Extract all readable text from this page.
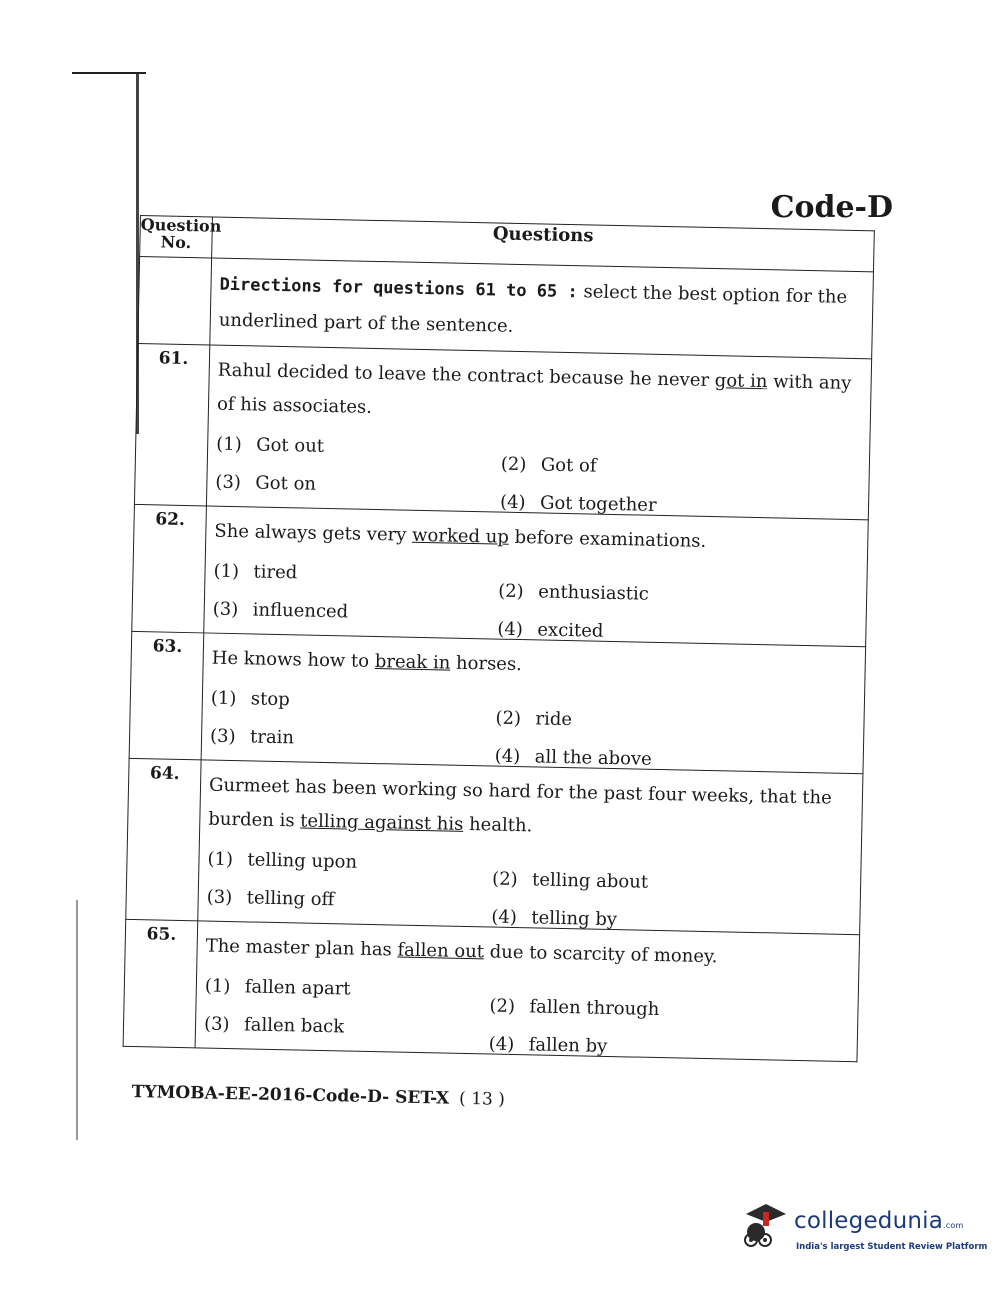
Code-D
Question
No.	Questions
	Directions for questions 61 to 65 : select the best option for the underlined part of the sentence.
61.	Rahul decided to leave the contract because he never got in with any of his associates.
(1) Got out
(2) Got of
(3) Got on
(4) Got together

62.	She always gets very worked up before examinations.
(1) tired
(2) enthusiastic
(3) influenced
(4) excited

63.	He knows how to break in horses.
(1) stop
(2) ride
(3) train
(4) all the above

64.	Gurmeet has been working so hard for the past four weeks, that the burden is telling against his health.
(1) telling upon
(2) telling about
(3) telling off
(4) telling by

65.	The master plan has fallen out due to scarcity of money.
(1) fallen apart
(2) fallen through
(3) fallen back
(4) fallen by
TYMOBA-EE-2016-Code-D- SET-X ( 13 )
collegedunia.com
India's largest Student Review Platform
